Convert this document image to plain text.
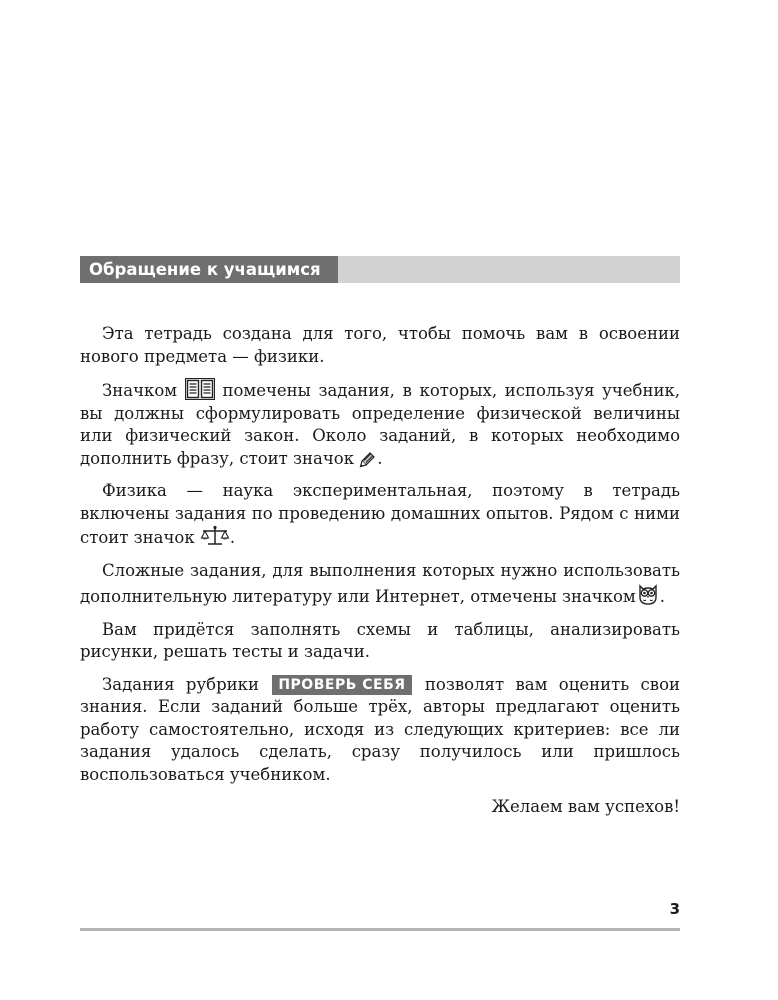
Обращение к учащимся

Эта тетрадь создана для того, чтобы помочь вам в освоении нового предмета — физики.

Значком	помечены задания, в которых, используя учебник, вы должны сформулировать определение физической величины или физический закон. Около заданий, в которых необходимо дополнить фразу, стоит значок .

Физика — наука экспериментальная, поэтому в тетрадь включены задания по проведению домашних опытов. Рядом с ними стоит значок .

Сложные задания, для выполнения которых нужно использовать дополнительную литературу или Интернет, отмечены значком .

Вам придётся заполнять схемы и таблицы, анализировать рисунки, решать тесты и задачи.

Задания рубрики ПРОВЕРЬ СЕБЯ позволят вам оценить свои знания. Если заданий больше трёх, авторы предлагают оценить работу самостоятельно, исходя из следующих критериев: все ли задания удалось сделать, сразу получилось или пришлось воспользоваться учебником.

Желаем вам успехов!

3
